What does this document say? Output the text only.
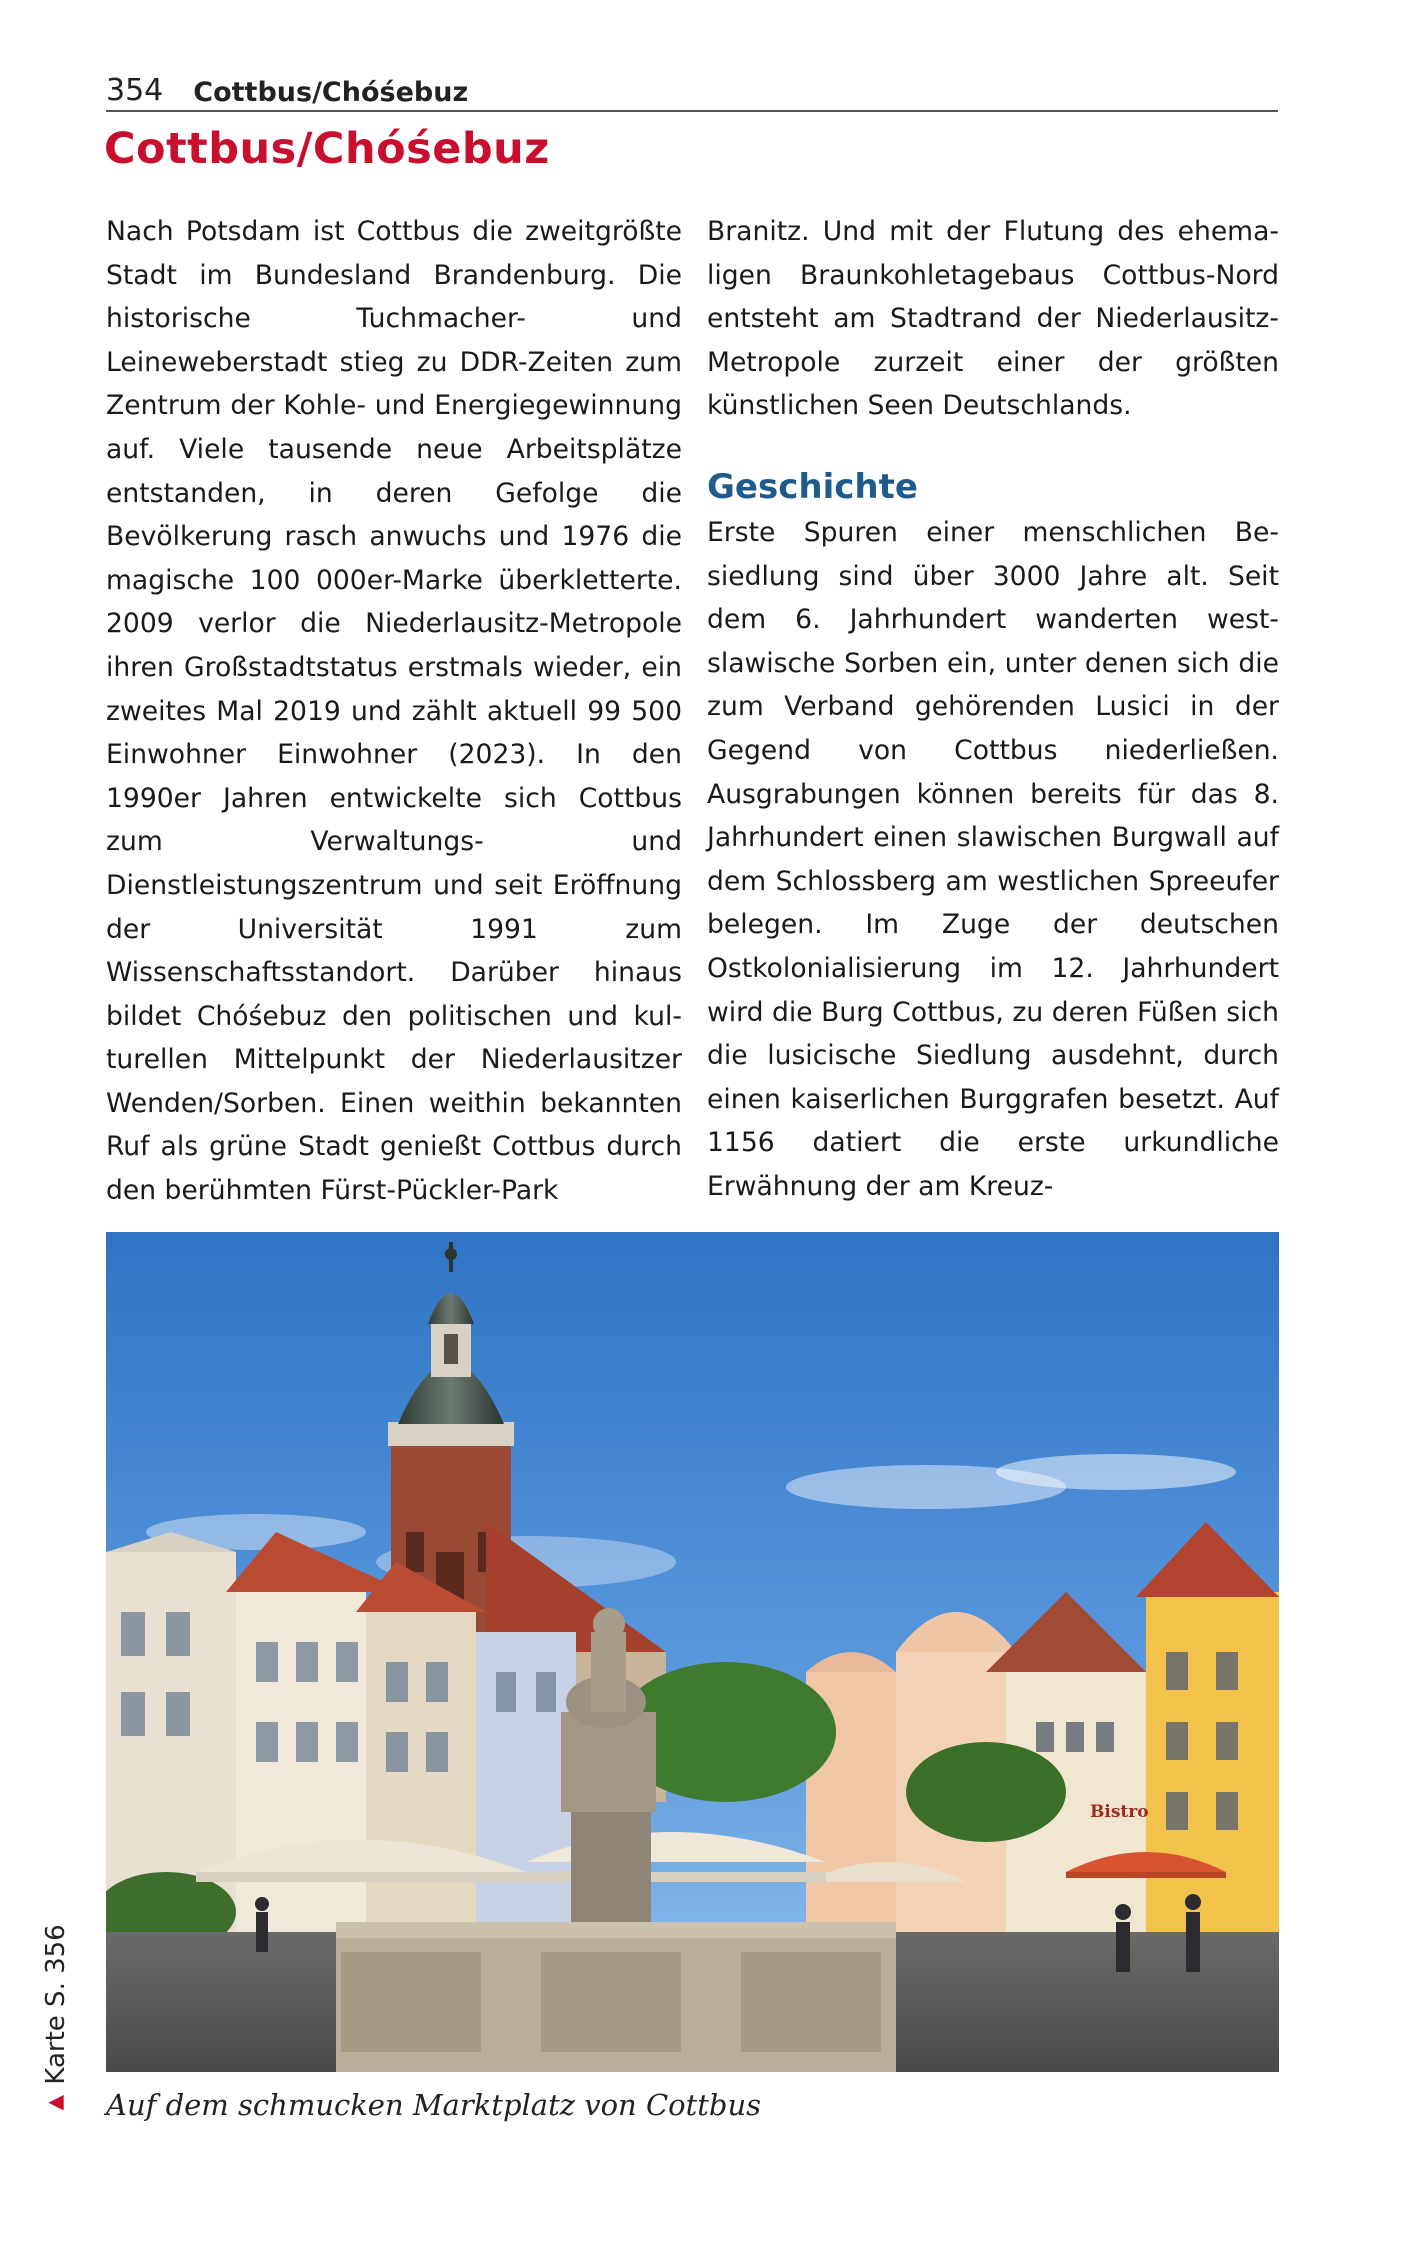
354 Cottbus/Chóśebuz
Cottbus/Chóśebuz

Nach Potsdam ist Cottbus die zweitgrößte Stadt im Bundesland Brandenburg. Die historische Tuchmacher- und Leineweberstadt stieg zu DDR-Zeiten zum Zentrum der Kohle- und Energiegewinnung auf. Viele tausende neue Arbeitsplätze entstanden, in deren Gefolge die Bevölkerung rasch anwuchs und 1976 die magische 100 000er-Marke überkletterte. 2009 verlor die Niederlausitz-Metropole ihren Großstadtstatus erstmals wieder, ein zweites Mal 2019 und zählt aktuell 99 500 Einwohner Einwohner (2023). In den 1990er Jahren entwickelte sich Cottbus zum Verwaltungs- und Dienstleistungszentrum und seit Eröffnung der Universität 1991 zum Wissenschaftsstandort. Darüber hinaus bildet Chóśebuz den politischen und kulturellen Mittelpunkt der Niederlausitzer Wenden/Sorben. Einen weithin bekannten Ruf als grüne Stadt genießt Cottbus durch den berühmten Fürst-Pückler-Park

Branitz. Und mit der Flutung des ehemaligen Braunkohletagebaus Cottbus-Nord entsteht am Stadtrand der Niederlausitz-Metropole zurzeit einer der größten künstlichen Seen Deutschlands.

Geschichte

Erste Spuren einer menschlichen Besiedlung sind über 3000 Jahre alt. Seit dem 6. Jahrhundert wanderten westslawische Sorben ein, unter denen sich die zum Verband gehörenden Lusici in der Gegend von Cottbus niederließen. Ausgrabungen können bereits für das 8. Jahrhundert einen slawischen Burgwall auf dem Schlossberg am westlichen Spreeufer belegen. Im Zuge der deutschen Ostkolonialisierung im 12. Jahrhundert wird die Burg Cottbus, zu deren Füßen sich die lusicische Siedlung ausdehnt, durch einen kaiserlichen Burggrafen besetzt. Auf 1156 datiert die erste urkundliche Erwähnung der am Kreuz-

Bistro
Auf dem schmucken Marktplatz von Cottbus
▶
Karte S. 356
